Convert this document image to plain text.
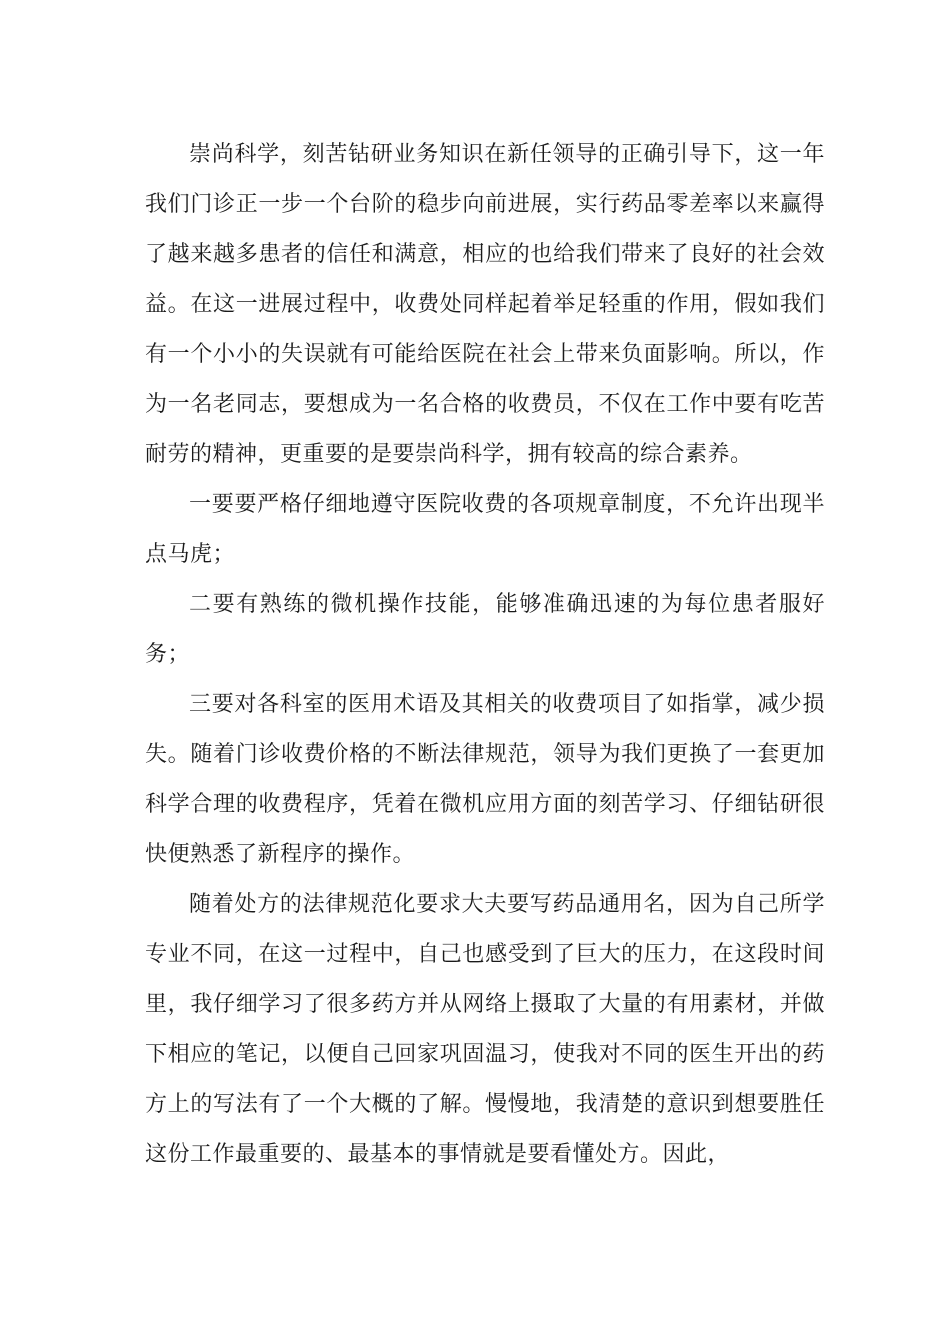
崇尚科学，刻苦钻研业务知识在新任领导的正确引导下，这一年我们门诊正一步一个台阶的稳步向前进展，实行药品零差率以来赢得了越来越多患者的信任和满意，相应的也给我们带来了良好的社会效益。在这一进展过程中，收费处同样起着举足轻重的作用，假如我们有一个小小的失误就有可能给医院在社会上带来负面影响。所以，作为一名老同志，要想成为一名合格的收费员，不仅在工作中要有吃苦耐劳的精神，更重要的是要崇尚科学，拥有较高的综合素养。

一要要严格仔细地遵守医院收费的各项规章制度，不允许出现半点马虎；

二要有熟练的微机操作技能，能够准确迅速的为每位患者服好务；

三要对各科室的医用术语及其相关的收费项目了如指掌，减少损失。随着门诊收费价格的不断法律规范，领导为我们更换了一套更加科学合理的收费程序，凭着在微机应用方面的刻苦学习、仔细钻研很快便熟悉了新程序的操作。

随着处方的法律规范化要求大夫要写药品通用名，因为自己所学专业不同，在这一过程中，自己也感受到了巨大的压力，在这段时间里，我仔细学习了很多药方并从网络上摄取了大量的有用素材，并做下相应的笔记，以便自己回家巩固温习，使我对不同的医生开出的药方上的写法有了一个大概的了解。慢慢地，我清楚的意识到想要胜任这份工作最重要的、最基本的事情就是要看懂处方。因此，
